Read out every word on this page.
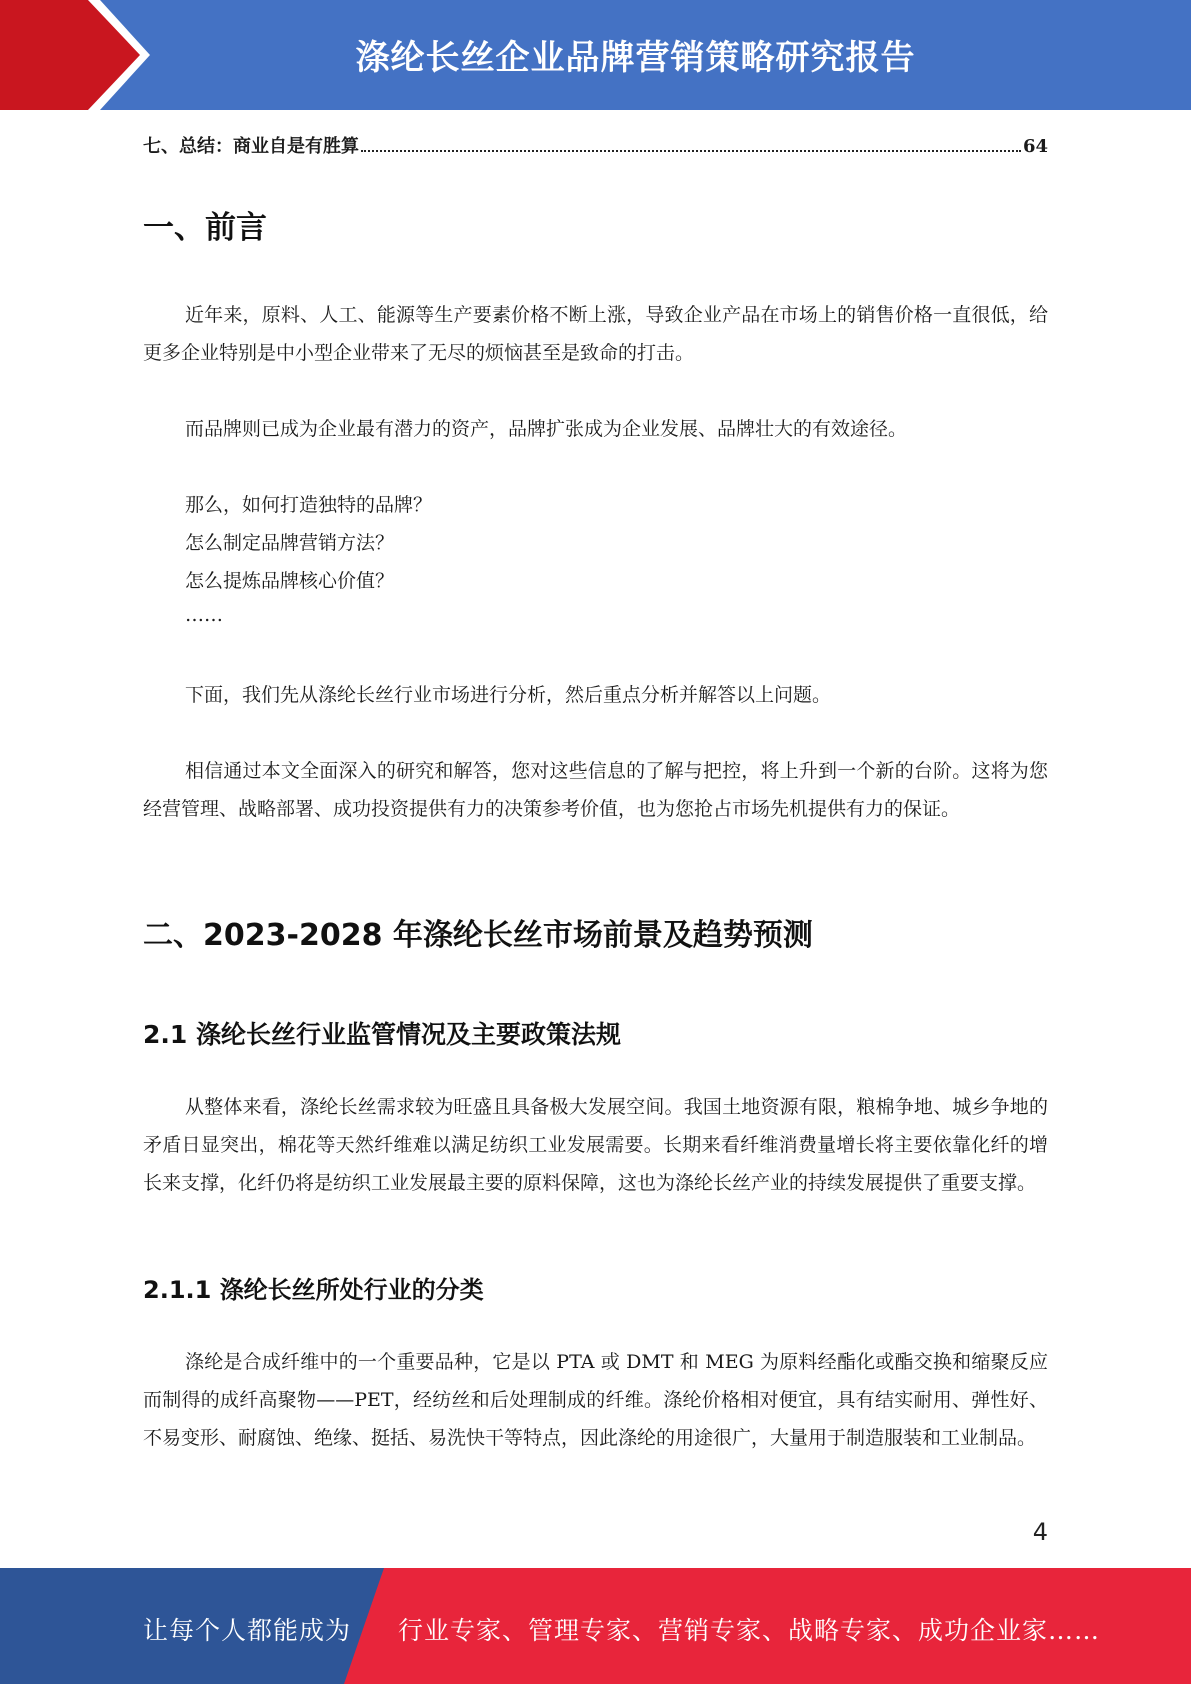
涤纶长丝企业品牌营销策略研究报告
七、总结：商业自是有胜算	64
一、前言
近年来，原料、人工、能源等生产要素价格不断上涨，导致企业产品在市场上的销售价格一直很低，给更多企业特别是中小型企业带来了无尽的烦恼甚至是致命的打击。
而品牌则已成为企业最有潜力的资产，品牌扩张成为企业发展、品牌壮大的有效途径。
那么，如何打造独特的品牌？
怎么制定品牌营销方法？
怎么提炼品牌核心价值？
……
下面，我们先从涤纶长丝行业市场进行分析，然后重点分析并解答以上问题。
相信通过本文全面深入的研究和解答，您对这些信息的了解与把控，将上升到一个新的台阶。这将为您经营管理、战略部署、成功投资提供有力的决策参考价值，也为您抢占市场先机提供有力的保证。
二、2023-2028 年涤纶长丝市场前景及趋势预测
2.1 涤纶长丝行业监管情况及主要政策法规
从整体来看，涤纶长丝需求较为旺盛且具备极大发展空间。我国土地资源有限，粮棉争地、城乡争地的矛盾日显突出，棉花等天然纤维难以满足纺织工业发展需要。长期来看纤维消费量增长将主要依靠化纤的增长来支撑，化纤仍将是纺织工业发展最主要的原料保障，这也为涤纶长丝产业的持续发展提供了重要支撑。
2.1.1 涤纶长丝所处行业的分类
涤纶是合成纤维中的一个重要品种，它是以 PTA 或 DMT 和 MEG 为原料经酯化或酯交换和缩聚反应而制得的成纤高聚物——PET，经纺丝和后处理制成的纤维。涤纶价格相对便宜，具有结实耐用、弹性好、不易变形、耐腐蚀、绝缘、挺括、易洗快干等特点，因此涤纶的用途很广，大量用于制造服装和工业制品。
4
让每个人都能成为 行业专家、管理专家、营销专家、战略专家、成功企业家……
